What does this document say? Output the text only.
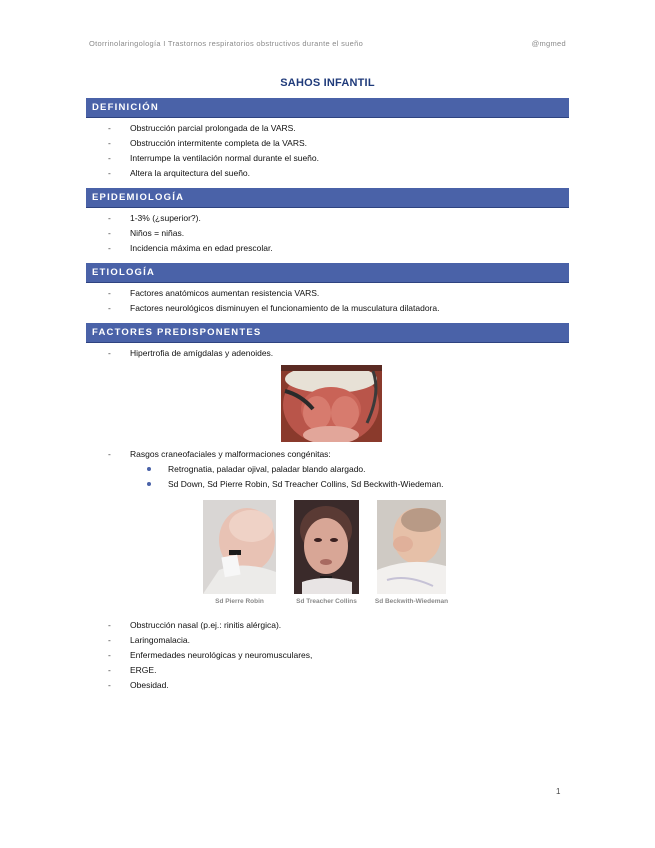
Otorrinolaringología I Trastornos respiratorios obstructivos durante el sueño	@mgmed
SAHOS INFANTIL
DEFINICIÓN
-	Obstrucción parcial prolongada de la VARS.
-	Obstrucción intermitente completa de la VARS.
-	Interrumpe la ventilación normal durante el sueño.
-	Altera la arquitectura del sueño.
EPIDEMIOLOGÍA
-	1-3% (¿superior?).
-	Niños = niñas.
-	Incidencia máxima en edad prescolar.
ETIOLOGÍA
-	Factores anatómicos aumentan resistencia VARS.
-	Factores neurológicos disminuyen el funcionamiento de la musculatura dilatadora.
FACTORES PREDISPONENTES
-	Hipertrofia de amígdalas y adenoides.
-	Rasgos craneofaciales y malformaciones congénitas:
Retrognatia, paladar ojival, paladar blando alargado.
Sd Down, Sd Pierre Robin, Sd Treacher Collins, Sd Beckwith-Wiedeman.
Sd Pierre Robin	Sd Treacher Collins	Sd Beckwith-Wiedeman
-	Obstrucción nasal (p.ej.: rinitis alérgica).
-	Laringomalacia.
-	Enfermedades neurológicas y neuromusculares,
-	ERGE.
-	Obesidad.
1
